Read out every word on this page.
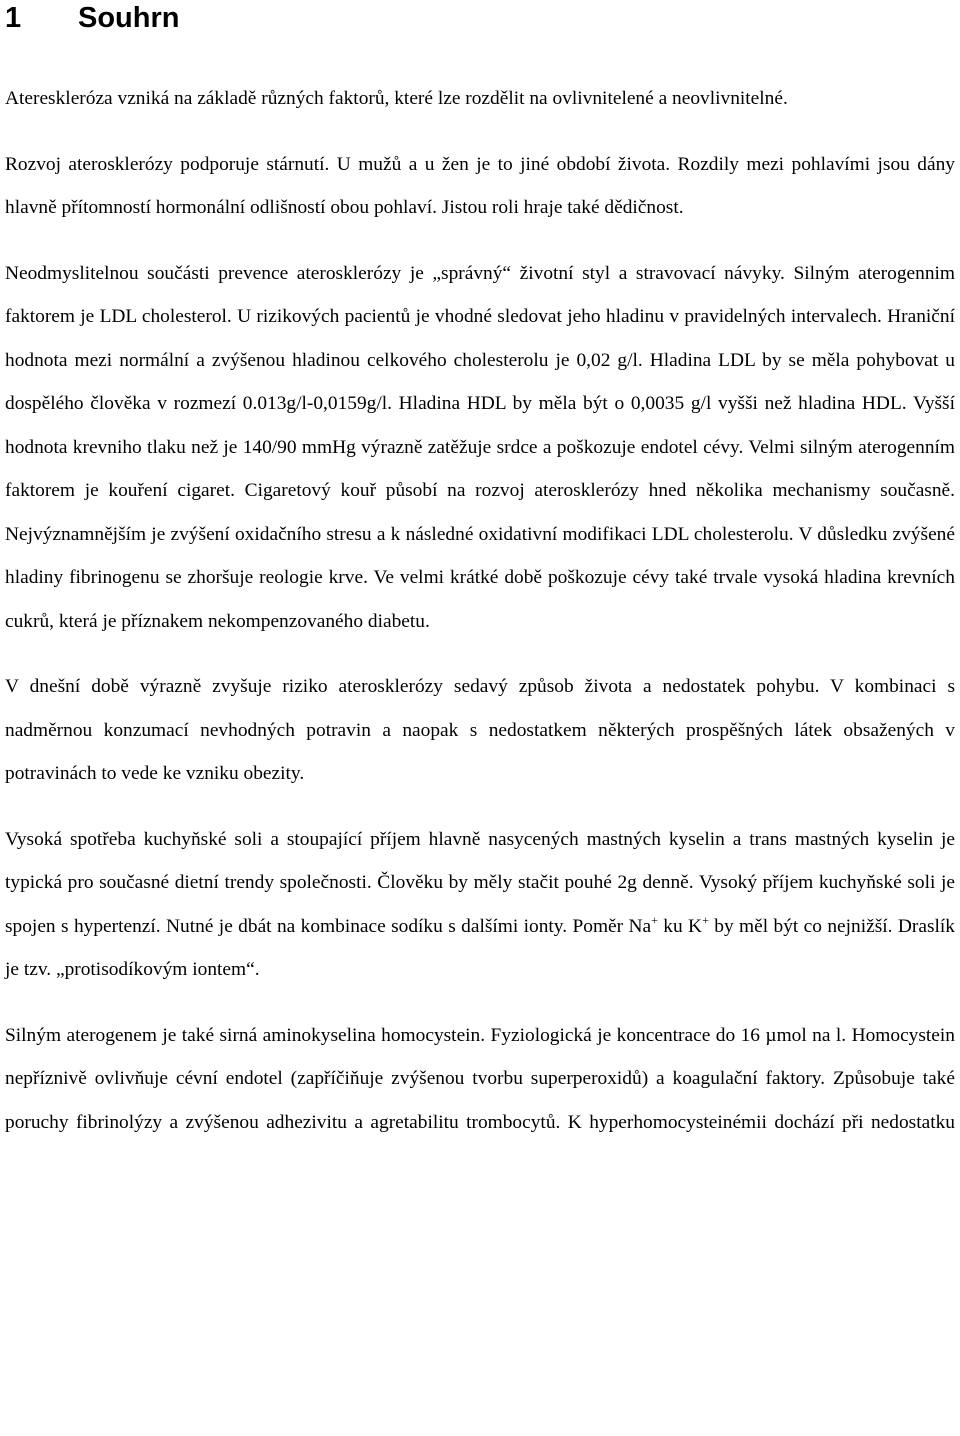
1 Souhrn

Atereskleróza vzniká na základě různých faktorů, které lze rozdělit na ovlivnitelené a neovlivnitelné.

Rozvoj aterosklerózy podporuje stárnutí. U mužů a u žen je to jiné období života. Rozdily mezi pohlavími jsou dány hlavně přítomností hormonální odlišností obou pohlaví. Jistou roli hraje také dědičnost.

Neodmyslitelnou součásti prevence aterosklerózy je „správný“ životní styl a stravovací návyky. Silným aterogennim faktorem je LDL cholesterol. U rizikových pacientů je vhodné sledovat jeho hladinu v pravidelných intervalech. Hraniční hodnota mezi normální a zvýšenou hladinou celkového cholesterolu je 0,02 g/l. Hladina LDL by se měla pohybovat u dospělého člověka v rozmezí 0.013g/l-0,0159g/l. Hladina HDL by měla být o 0,0035 g/l vyšši než hladina HDL. Vyšší hodnota krevniho tlaku než je 140/90 mmHg výrazně zatěžuje srdce a poškozuje endotel cévy. Velmi silným aterogenním faktorem je kouření cigaret. Cigaretový kouř působí na rozvoj aterosklerózy hned několika mechanismy současně. Nejvýznamnějším je zvýšení oxidačního stresu a k následné oxidativní modifikaci LDL cholesterolu. V důsledku zvýšené hladiny fibrinogenu se zhoršuje reologie krve. Ve velmi krátké době poškozuje cévy také trvale vysoká hladina krevních cukrů, která je příznakem nekompenzovaného diabetu.

V dnešní době výrazně zvyšuje riziko aterosklerózy sedavý způsob života a nedostatek pohybu. V kombinaci s nadměrnou konzumací nevhodných potravin a naopak s nedostatkem některých prospěšných látek obsažených v potravinách to vede ke vzniku obezity.

Vysoká spotřeba kuchyňské soli a stoupající příjem hlavně nasycených mastných kyselin a trans mastných kyselin je typická pro současné dietní trendy společnosti. Člověku by měly stačit pouhé 2g denně. Vysoký příjem kuchyňské soli je spojen s hypertenzí. Nutné je dbát na kombinace sodíku s dalšími ionty. Poměr Na+ ku K+ by měl být co nejnižší. Draslík je tzv. „protisodíkovým iontem“.

Silným aterogenem je také sirná aminokyselina homocystein. Fyziologická je koncentrace do 16 µmol na l. Homocystein nepříznivě ovlivňuje cévní endotel (zapříčiňuje zvýšenou tvorbu superperoxidů) a koagulační faktory. Způsobuje také poruchy fibrinolýzy a zvýšenou adhezivitu a agretabilitu trombocytů. K hyperhomocysteinémii dochází při nedostatku
